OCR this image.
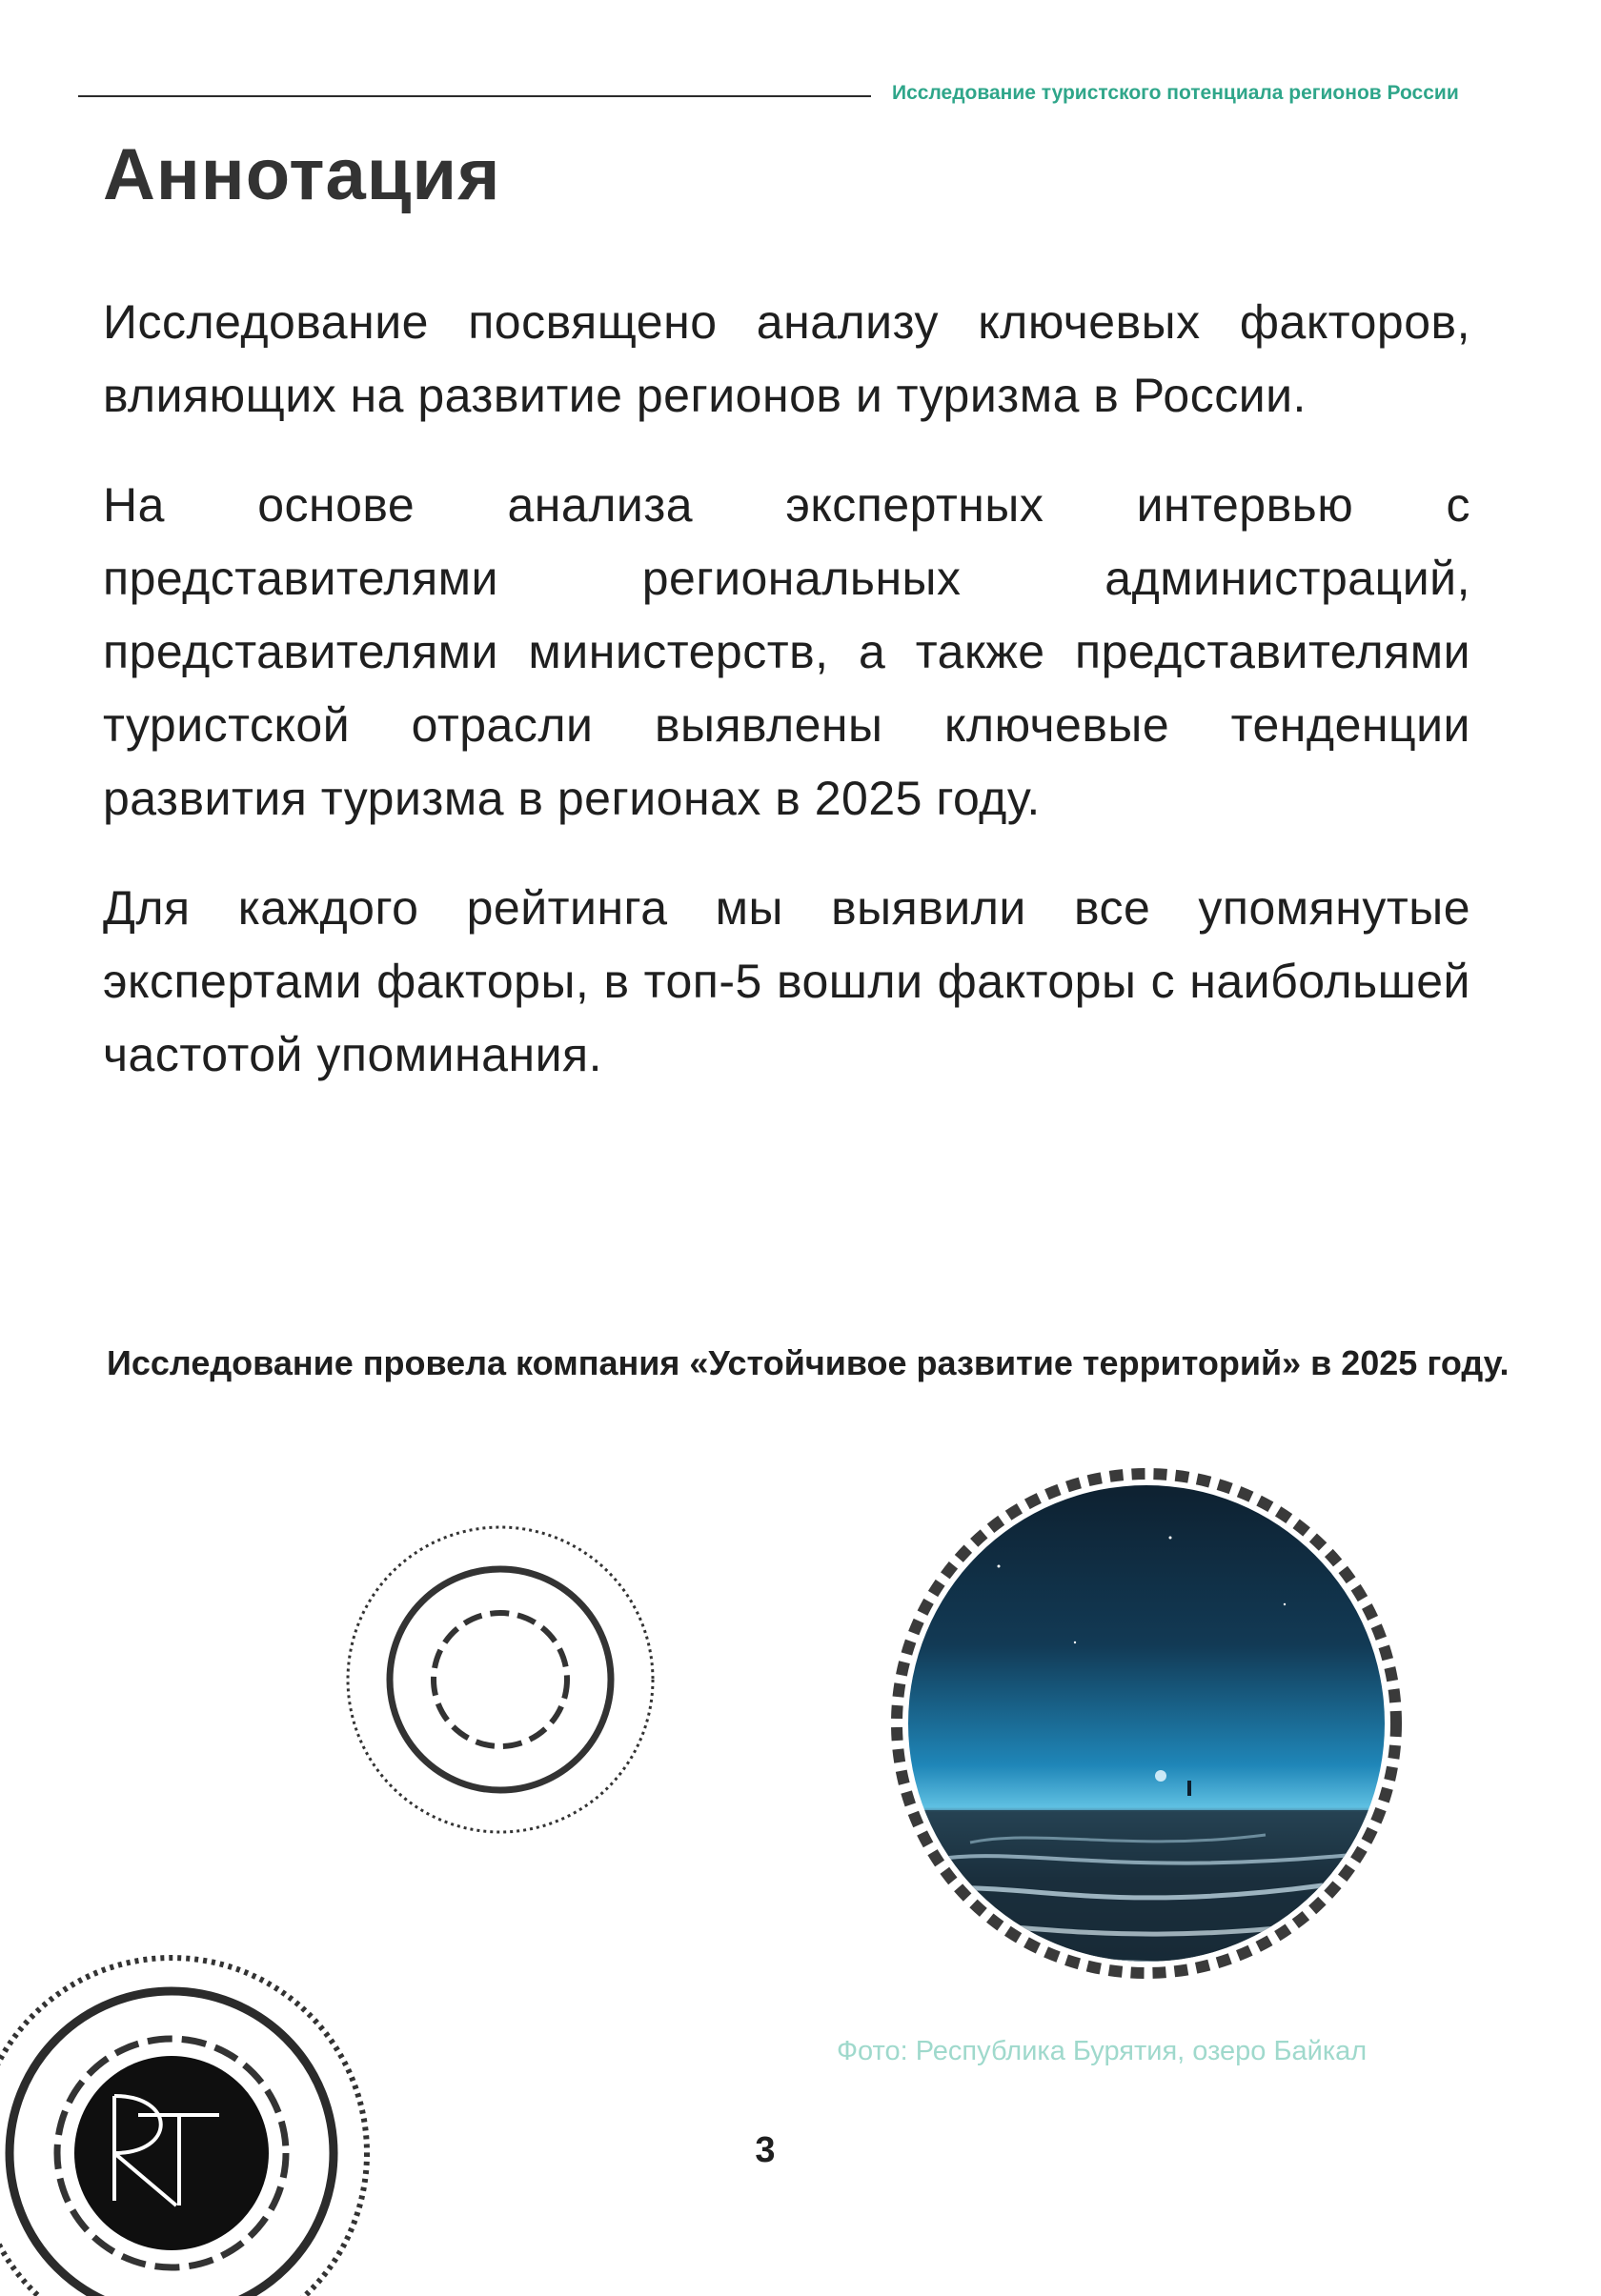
Исследование туристского потенциала регионов России
Аннотация

Исследование посвящено анализу ключевых факторов, влияющих на развитие регионов и туризма в России.

На основе анализа экспертных интервью с представителями региональных администраций, представителями министерств, а также представителями туристской отрасли выявлены ключевые тенденции развития туризма в регионах в 2025 году.

Для каждого рейтинга мы выявили все упомянутые экспертами факторы, в топ-5 вошли факторы с наибольшей частотой упоминания.

Исследование провела компания «Устойчивое развитие территорий» в 2025 году.
Фото: Республика Бурятия, озеро Байкал
3
